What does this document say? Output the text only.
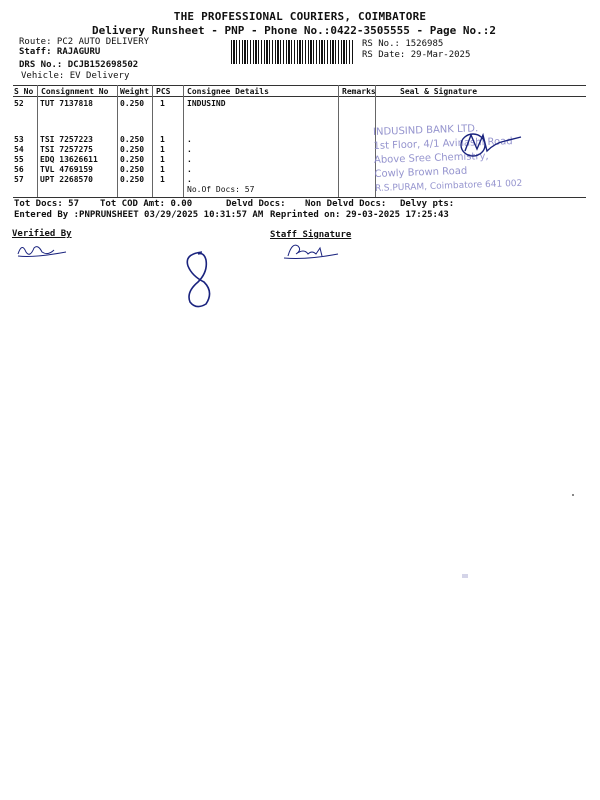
THE PROFESSIONAL COURIERS, COIMBATORE
Delivery Runsheet - PNP - Phone No.:0422-3505555 - Page No.:2
Route: PC2 AUTO DELIVERY
Staff: RAJAGURU
DRS No.: DCJB152698502
Vehicle: EV Delivery
RS No.: 1526985
RS Date: 29-Mar-2025
S No Consignment No Weight PCS Consignee Details	Remarks	Seal & Signature
52 TUT 7137818	0.250 1	INDUSIND
53 TSI 7257223	0.250 1	.
54 TSI 7257275	0.250 1	.
55 EDQ 13626611	0.250 1	.
56 TVL 4769159	0.250 1	.
57 UPT 2268570	0.250 1	.
No.Of Docs: 57
INDUSIND BANK LTD.
1st Floor, 4/1 Avinashi Road
Above Sree Chemistry,
Cowly Brown Road
R.S.PURAM, Coimbatore 641 002
Tot Docs: 57 Tot COD Amt: 0.00	Delvd Docs: Non Delvd Docs: Delvy pts:
Entered By :PNPRUNSHEET 03/29/2025 10:31:57 AM Reprinted on: 29-03-2025 17:25:43
Verified By	Staff Signature
